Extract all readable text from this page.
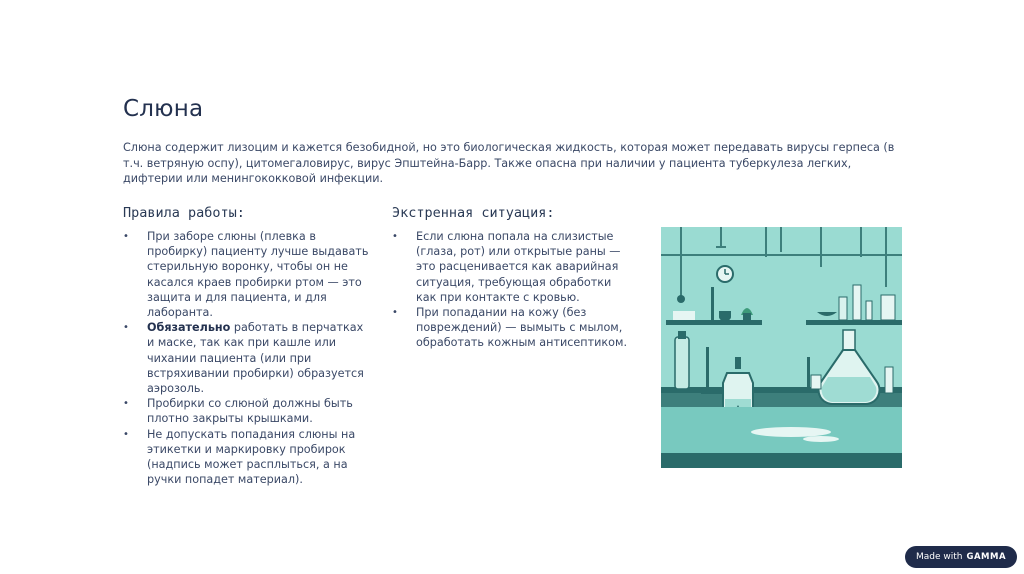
Слюна

Слюна содержит лизоцим и кажется безобидной, но это биологическая жидкость, которая может передавать вирусы герпеса (в т.ч. ветряную оспу), цитомегаловирус, вирус Эпштейна-Барр. Также опасна при наличии у пациента туберкулеза легких, дифтерии или менингококковой инфекции.

Правила работы:
• При заборе слюны (плевка в пробирку) пациенту лучше выдавать стерильную воронку, чтобы он не касался краев пробирки ртом — это защита и для пациента, и для лаборанта.
• Обязательно работать в перчатках и маске, так как при кашле или чихании пациента (или при встряхивании пробирки) образуется аэрозоль.
• Пробирки со слюной должны быть плотно закрыты крышками.
• Не допускать попадания слюны на этикетки и маркировку пробирок (надпись может расплыться, а на ручки попадет материал).
Экстренная ситуация:
• Если слюна попала на слизистые (глаза, рот) или открытые раны — это расценивается как аварийная ситуация, требующая обработки как при контакте с кровью.
• При попадании на кожу (без повреждений) — вымыть с мылом, обработать кожным антисептиком.
Made with GAMMA
